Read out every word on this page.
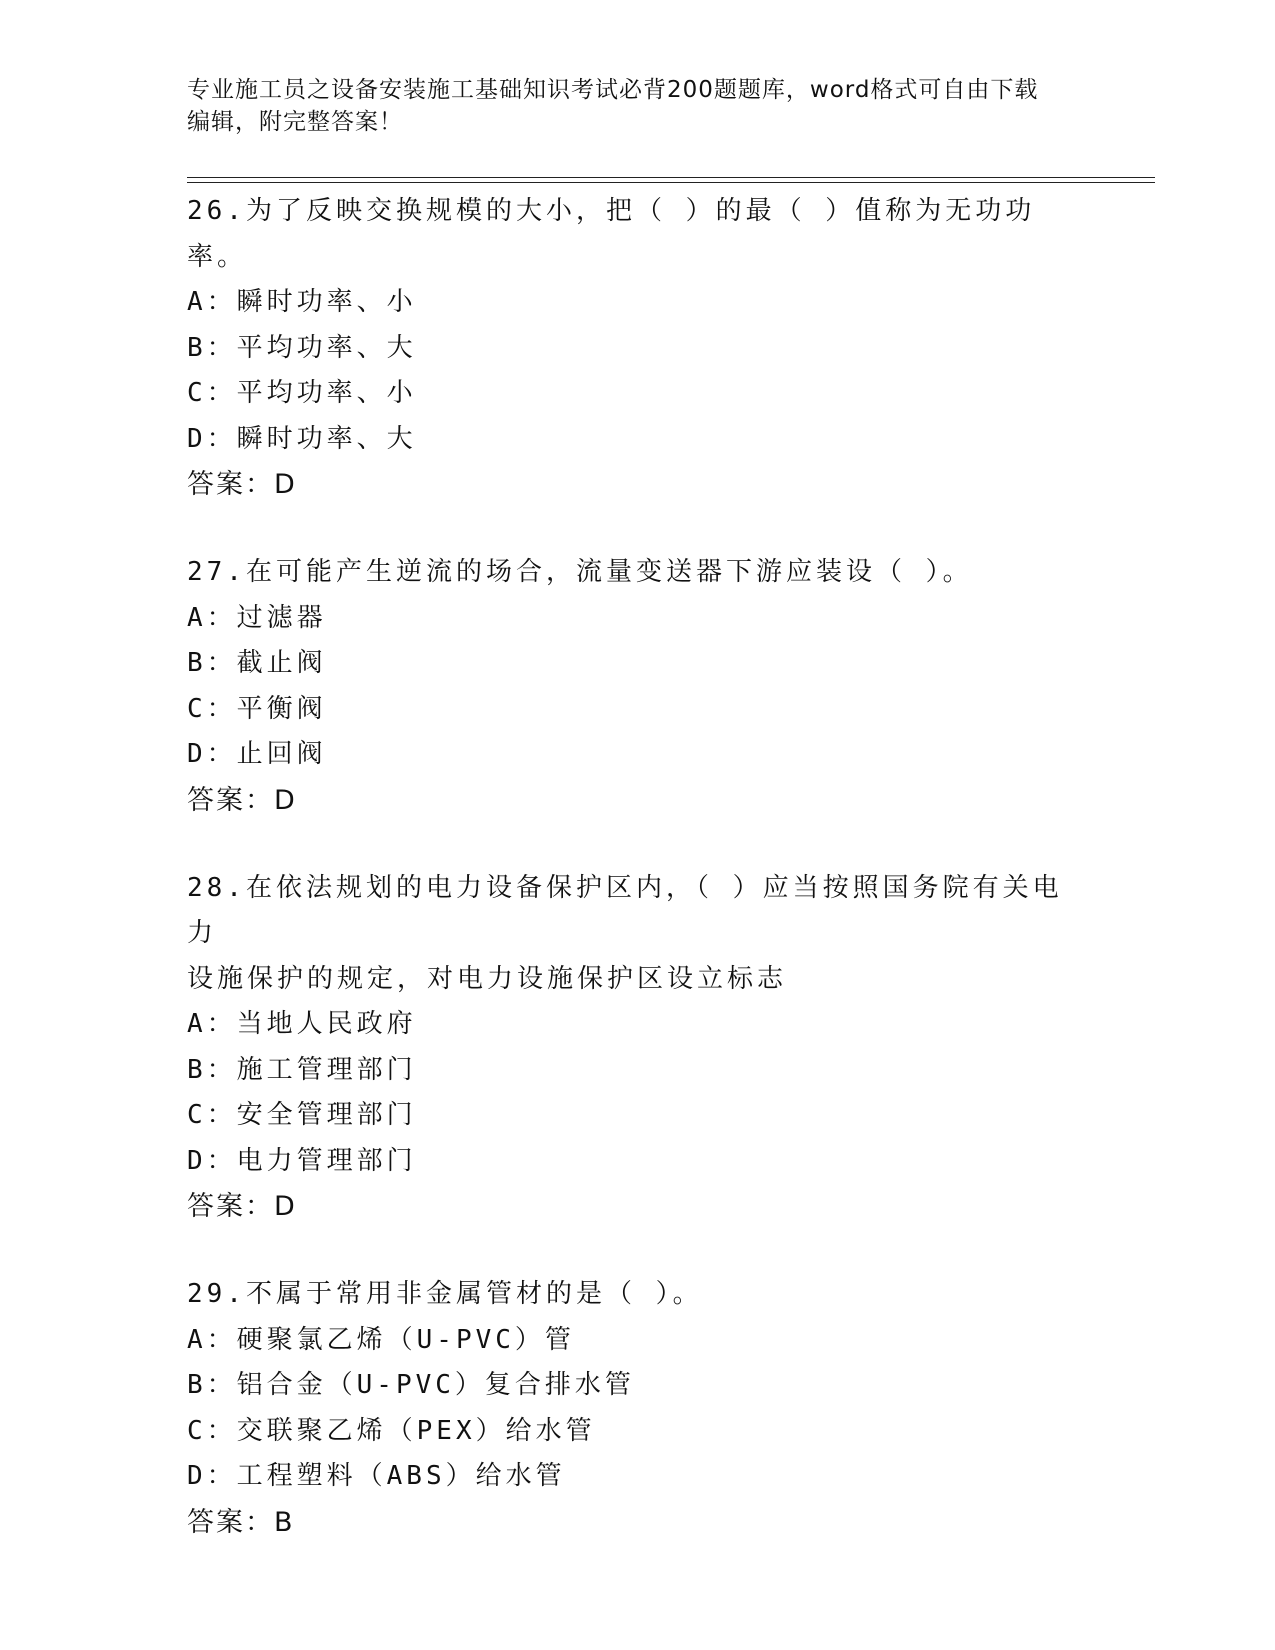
专业施工员之设备安装施工基础知识考试必背200题题库，word格式可自由下载
编辑，附完整答案！
26.为了反映交换规模的大小，把（ ）的最（ ）值称为无功功率。
A：瞬时功率、小
B：平均功率、大
C：平均功率、小
D：瞬时功率、大
答案：D
27.在可能产生逆流的场合，流量变送器下游应装设（ ）。
A：过滤器
B：截止阀
C：平衡阀
D：止回阀
答案：D
28.在依法规划的电力设备保护区内，（ ）应当按照国务院有关电力
设施保护的规定，对电力设施保护区设立标志
A：当地人民政府
B：施工管理部门
C：安全管理部门
D：电力管理部门
答案：D
29.不属于常用非金属管材的是（ ）。
A：硬聚氯乙烯（U-PVC）管
B：铝合金（U-PVC）复合排水管
C：交联聚乙烯（PEX）给水管
D：工程塑料（ABS）给水管
答案：B
